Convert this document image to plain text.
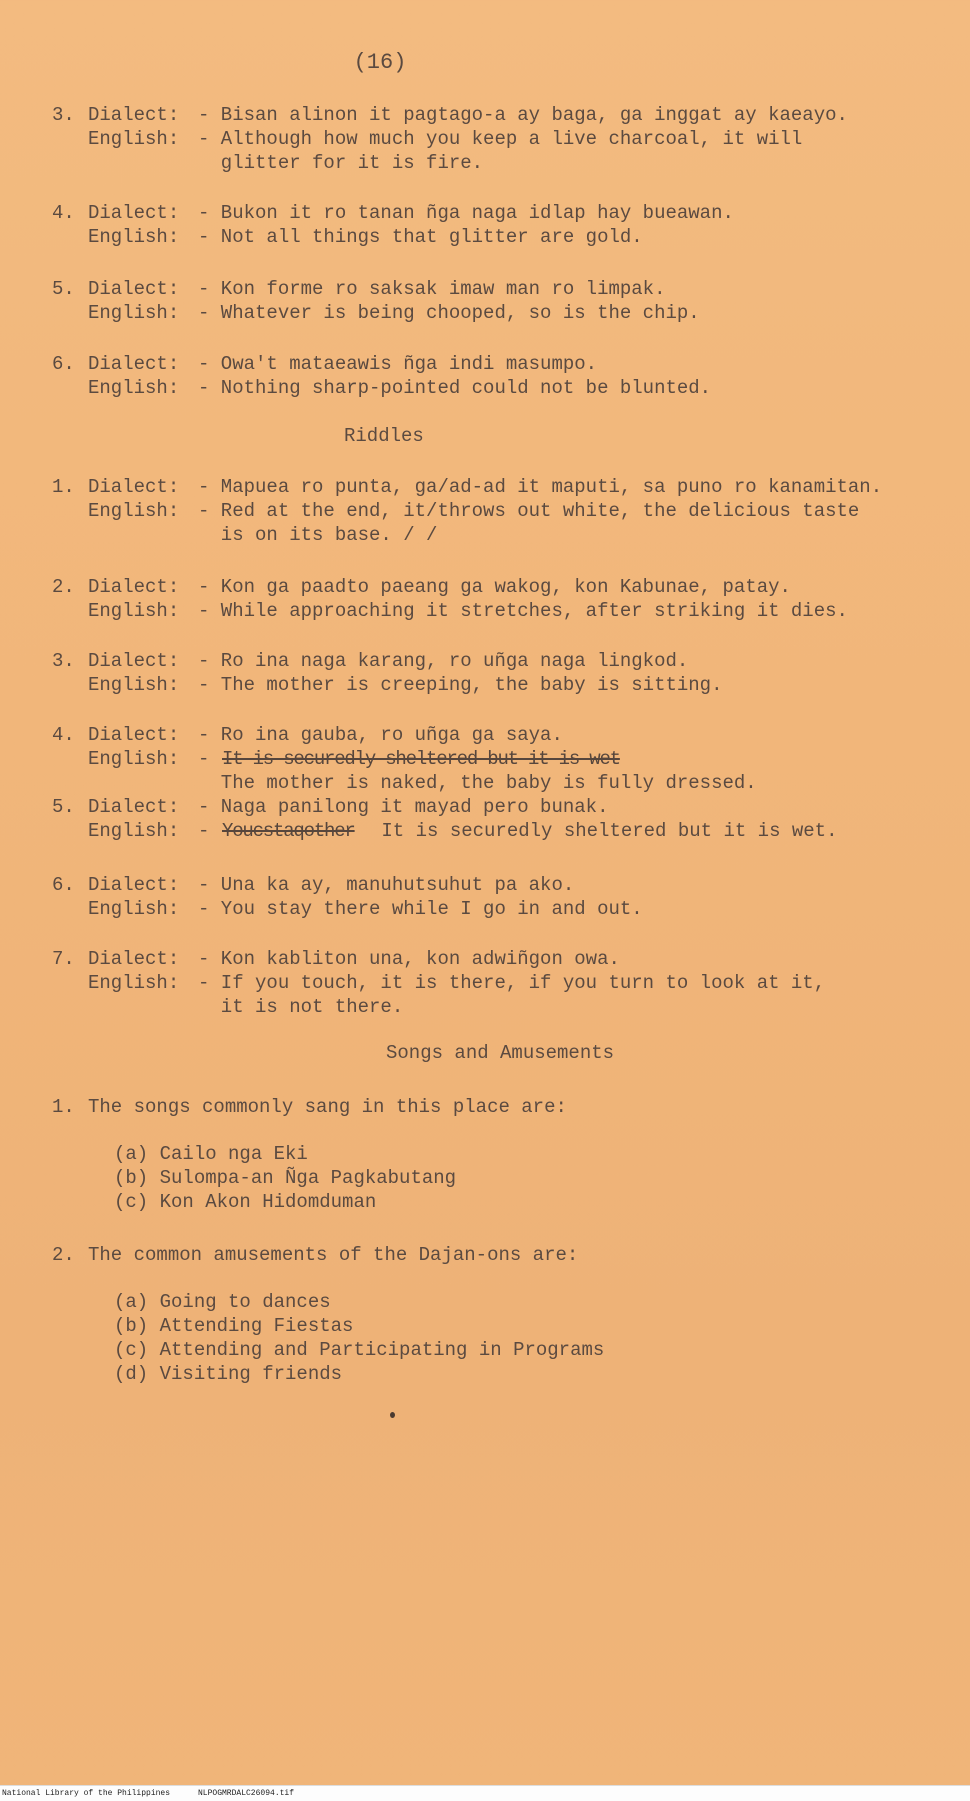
(16)
3. Dialect: - Bisan alinon it pagtago-a ay baga, ga inggat ay kaeayo.
English: - Although how much you keep a live charcoal, it will
glitter for it is fire.
4. Dialect: - Bukon it ro tanan ñga naga idlap hay bueawan.
English: - Not all things that glitter are gold.
5. Dialect: - Kon forme ro saksak imaw man ro limpak.
English: - Whatever is being chooped, so is the chip.
6. Dialect: - Owa't mataeawis ñga indi masumpo.
English: - Nothing sharp-pointed could not be blunted.
Riddles
1. Dialect: - Mapuea ro punta, ga/ad-ad it maputi, sa puno ro kanamitan.
English: - Red at the end, it/throws out white, the delicious taste
is on its base. / /
2. Dialect: - Kon ga paadto paeang ga wakog, kon Kabunae, patay.
English: - While approaching it stretches, after striking it dies.
3. Dialect: - Ro ina naga karang, ro uñga naga lingkod.
English: - The mother is creeping, the baby is sitting.
4. Dialect: - Ro ina gauba, ro uñga ga saya.
English: - It is securedly sheltered but it is wet
The mother is naked, the baby is fully dressed.
5. Dialect: - Naga panilong it mayad pero bunak.
English: - Youcstaqother It is securedly sheltered but it is wet.
6. Dialect: - Una ka ay, manuhutsuhut pa ako.
English: - You stay there while I go in and out.
7. Dialect: - Kon kabliton una, kon adwiñgon owa.
English: - If you touch, it is there, if you turn to look at it,
it is not there.
Songs and Amusements
1. The songs commonly sang in this place are:
(a) Cailo nga Eki
(b) Sulompa-an Ñga Pagkabutang
(c) Kon Akon Hidomduman
2. The common amusements of the Dajan-ons are:
(a) Going to dances
(b) Attending Fiestas
(c) Attending and Participating in Programs
(d) Visiting friends
National Library of the Philippines	NLPOGMRDALC26094.tif
